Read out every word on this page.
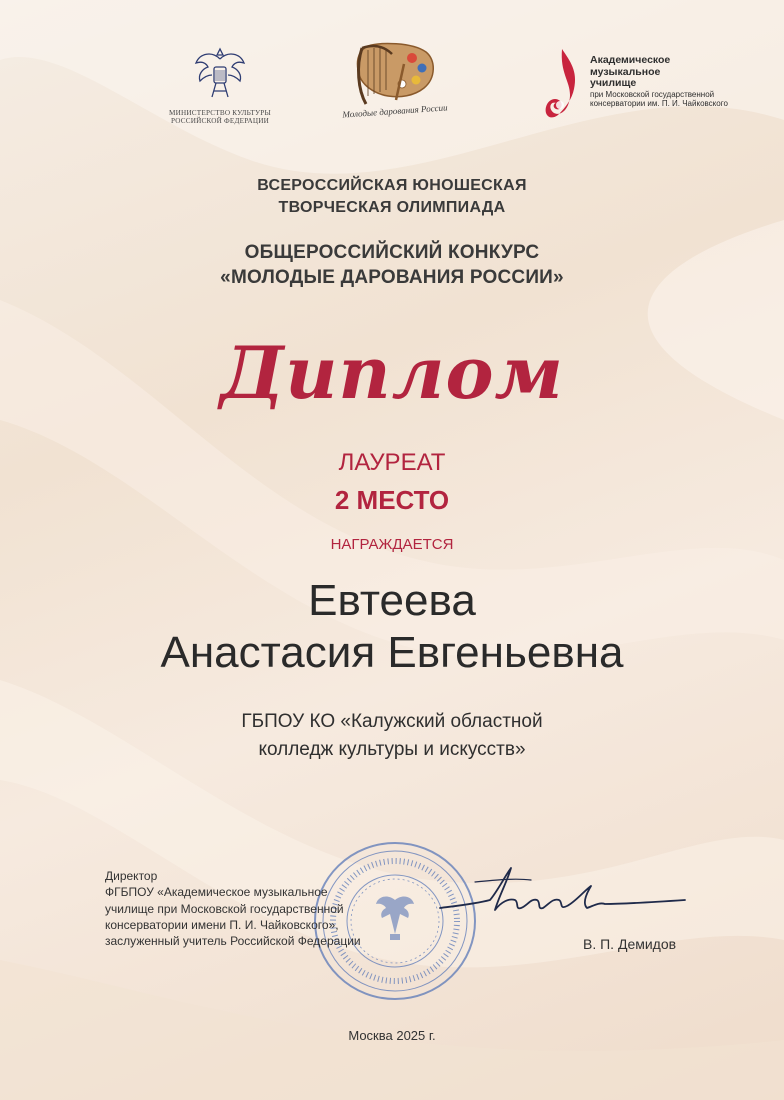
МИНИСТЕРСТВО КУЛЬТУРЫ
РОССИЙСКОЙ ФЕДЕРАЦИИ
Молодые дарования России
Академическое
музыкальное
училище
при Московской государственной
консерватории им. П. И. Чайковского
ВСЕРОССИЙСКАЯ ЮНОШЕСКАЯ
ТВОРЧЕСКАЯ ОЛИМПИАДА
ОБЩЕРОССИЙСКИЙ КОНКУРС
«МОЛОДЫЕ ДАРОВАНИЯ РОССИИ»
Диплом
ЛАУРЕАТ
2 МЕСТО
НАГРАЖДАЕТСЯ
Евтеева
Анастасия Евгеньевна
ГБПОУ КО «Калужский областной
колледж культуры и искусств»
Директор
ФГБПОУ «Академическое музыкальное
училище при Московской государственной
консерватории имени П. И. Чайковского»,
заслуженный учитель Российской Федерации	В. П. Демидов
Москва 2025 г.
